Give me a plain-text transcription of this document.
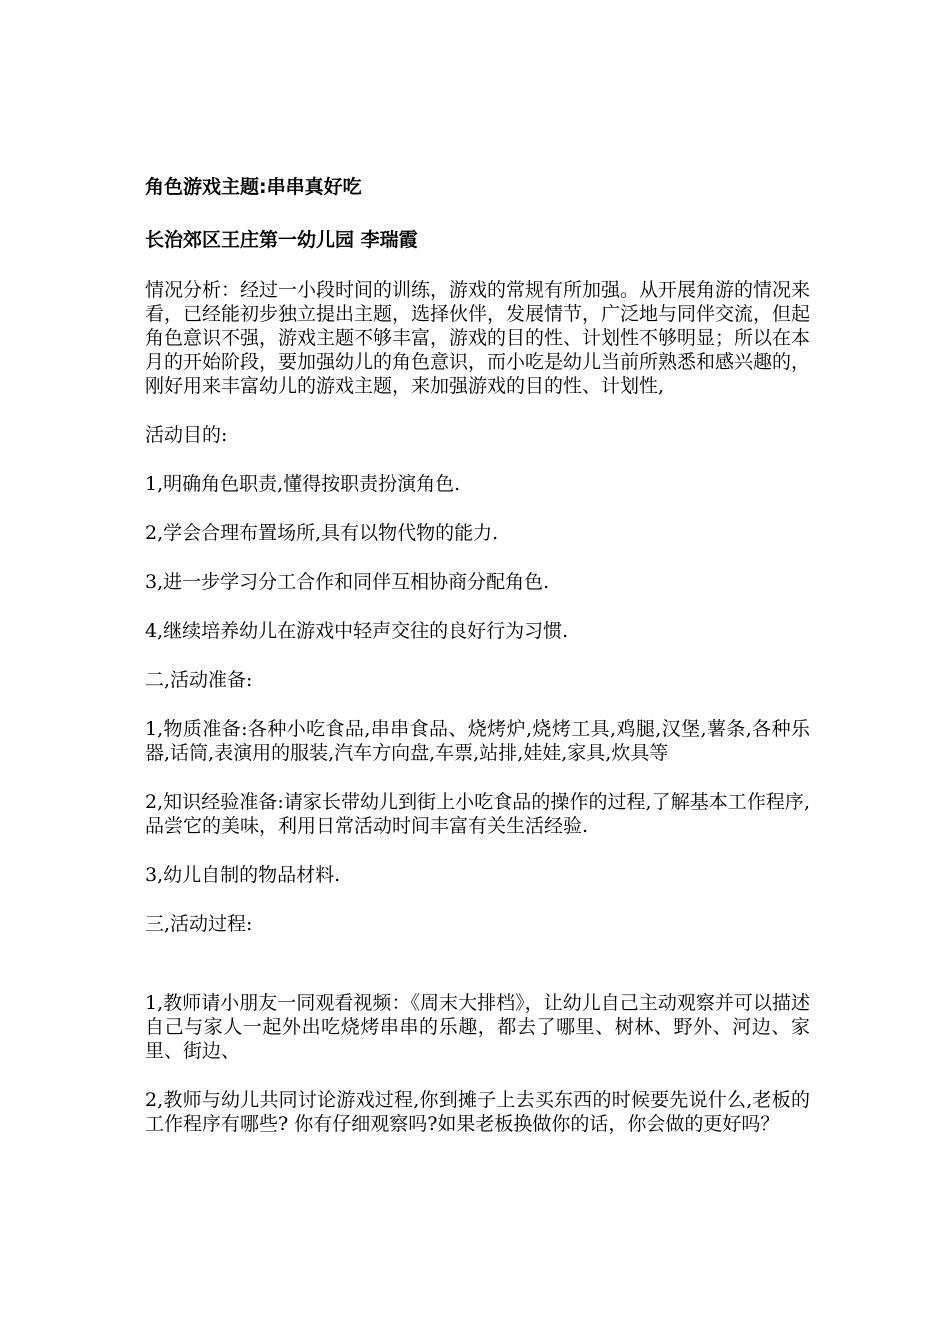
角色游戏主题:串串真好吃
长治郊区王庄第一幼儿园 李瑞霞

情况分析：经过一小段时间的训练，游戏的常规有所加强。从开展角游的情况来看，已经能初步独立提出主题，选择伙伴，发展情节，广泛地与同伴交流，但起角色意识不强，游戏主题不够丰富，游戏的目的性、计划性不够明显；所以在本月的开始阶段，要加强幼儿的角色意识，而小吃是幼儿当前所熟悉和感兴趣的，刚好用来丰富幼儿的游戏主题，来加强游戏的目的性、计划性,

活动目的:

1,明确角色职责,懂得按职责扮演角色.

2,学会合理布置场所,具有以物代物的能力.

3,进一步学习分工合作和同伴互相协商分配角色.

4,继续培养幼儿在游戏中轻声交往的良好行为习惯.

二,活动准备:

1,物质准备:各种小吃食品,串串食品、烧烤炉,烧烤工具,鸡腿,汉堡,薯条,各种乐器,话筒,表演用的服装,汽车方向盘,车票,站排,娃娃,家具,炊具等

2,知识经验准备:请家长带幼儿到街上小吃食品的操作的过程,了解基本工作程序,品尝它的美味，利用日常活动时间丰富有关生活经验.

3,幼儿自制的物品材料.

三,活动过程:

1,教师请小朋友一同观看视频：《周末大排档》，让幼儿自己主动观察并可以描述自己与家人一起外出吃烧烤串串的乐趣，都去了哪里、树林、野外、河边、家里、街边、

2,教师与幼儿共同讨论游戏过程,你到摊子上去买东西的时候要先说什么,老板的工作程序有哪些? 你有仔细观察吗?如果老板换做你的话，你会做的更好吗？
